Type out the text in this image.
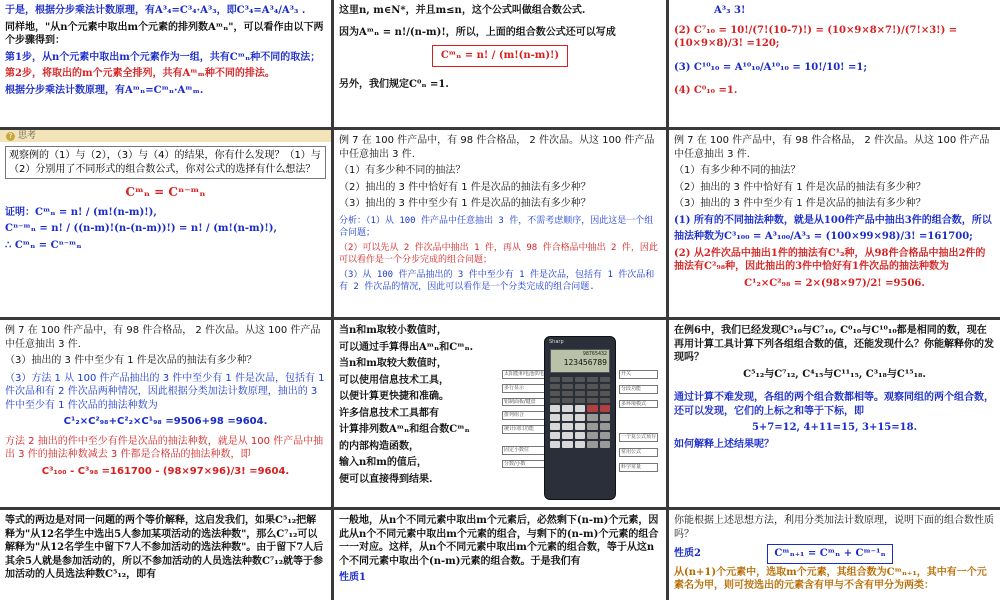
于是，根据分步乘法计数原理，有A³₄=C³₄·A³₃，即C³₄=A³₄/A³₃ .

同样地，"从n个元素中取出m个元素的排列数Aᵐₙ"，可以看作由以下两个步骤得到：

第1步，从n个元素中取出m个元素作为一组，共有Cᵐₙ种不同的取法；

第2步，将取出的m个元素全排列，共有Aᵐₘ种不同的排法。

根据分步乘法计数原理，有Aᵐₙ=Cᵐₙ·Aᵐₘ.

这里n, m∈N*，并且m≤n，这个公式叫做组合数公式.

因为Aᵐₙ = n!/(n-m)!，所以，上面的组合数公式还可以写成

Cᵐₙ = n! / (m!(n-m)!)

另外，我们规定C⁰ₙ =1.

A³₃ 3!

(2) C⁷₁₀ = 10!/(7!(10-7)!) = (10×9×8×7!)/(7!×3!) = (10×9×8)/3! =120;

(3) C¹⁰₁₀ = A¹⁰₁₀/A¹⁰₁₀ = 10!/10! =1;

(4) C⁰₁₀ =1.

? 思考
观察例的（1）与（2），（3）与（4）的结果，你有什么发现？（1）与（2）分别用了不同形式的组合数公式，你对公式的选择有什么想法？
Cᵐₙ = Cⁿ⁻ᵐₙ

证明：Cᵐₙ = n! / (m!(n-m)!),

Cⁿ⁻ᵐₙ = n! / ((n-m)!(n-(n-m))!) = n! / (m!(n-m)!),

∴ Cᵐₙ = Cⁿ⁻ᵐₙ

例 7 在 100 件产品中，有 98 件合格品， 2 件次品。从这 100 件产品中任意抽出 3 件.

（1）有多少种不同的抽法？

（2）抽出的 3 件中恰好有 1 件是次品的抽法有多少种？

（3）抽出的 3 件中至少有 1 件是次品的抽法有多少种？

分析：（1）从 100 件产品中任意抽出 3 件，不需考虑顺序，因此这是一个组合问题；

（2）可以先从 2 件次品中抽出 1 件，再从 98 件合格品中抽出 2 件，因此可以看作是一个分步完成的组合问题；

（3）从 100 件产品抽出的 3 件中至少有 1 件是次品，包括有 1 件次品和有 2 件次品的情况，因此可以看作是一个分类完成的组合问题.

例 7 在 100 件产品中，有 98 件合格品， 2 件次品。从这 100 件产品中任意抽出 3 件.

（1）有多少种不同的抽法？

（2）抽出的 3 件中恰好有 1 件是次品的抽法有多少种？

（3）抽出的 3 件中至少有 1 件是次品的抽法有多少种？

(1) 所有的不同抽法种数，就是从100件产品中抽出3件的组合数，所以

抽法种数为C³₁₀₀ = A³₁₀₀/A³₃ = (100×99×98)/3! =161700;

(2) 从2件次品中抽出1件的抽法有C¹₂种，从98件合格品中抽出2件的抽法有C²₉₈种，因此抽出的3件中恰好有1件次品的抽法种数为

C¹₂×C²₉₈ = 2×(98×97)/2! =9506.

例 7 在 100 件产品中，有 98 件合格品， 2 件次品。从这 100 件产品中任意抽出 3 件.

（3）抽出的 3 件中至少有 1 件是次品的抽法有多少种？

（3）方法 1 从 100 件产品抽出的 3 件中至少有 1 件是次品，包括有 1 件次品和有 2 件次品两种情况，因此根据分类加法计数原理，抽出的 3 件中至少有 1 件次品的抽法种数为

C¹₂×C²₉₈+C²₂×C¹₉₈ =9506+98 =9604.

方法 2 抽出的件中至少有件是次品的抽法种数，就是从 100 件产品中抽出 3 件的抽法种数减去 3 件都是合格品的抽法种数，即

C³₁₀₀ - C³₉₈ =161700 - (98×97×96)/3! =9604.

当n和m取较小数值时，

可以通过手算得出Aᵐₙ和Cᵐₙ.

当n和m取较大数值时，

可以使用信息技术工具，

以便计算更快捷和准确。

许多信息技术工具都有

计算排列数Aᵐₙ和组合数Cᵐₙ

的内部构造函数，

输入n和m的值后，

便可以直接得到结果.

太阳能和电池供电
多行显示
铝制面板/键盘
排列组合
统计回归功能
固定小数位
分数/小数
开关
分段功能
多环境模式
一个复公式预存
常用公式
科学常量
Sharp
98765432
123456789

在例6中，我们已经发现C³₁₀与C⁷₁₀, C⁰₁₀与C¹⁰₁₀都是相同的数，现在再用计算工具计算下列各组组合数的值，还能发现什么？你能解释你的发现吗？

C⁵₁₂与C⁷₁₂, C⁴₁₅与C¹¹₁₅, C³₁₈与C¹⁵₁₈.

通过计算不难发现，各组的两个组合数都相等。观察同组的两个组合数，还可以发现，它们的上标之和等于下标，即

5+7=12, 4+11=15, 3+15=18.

如何解释上述结果呢？

等式的两边是对同一问题的两个等价解释，这启发我们，如果C⁵₁₂把解释为"从12名学生中选出5人参加某项活动的选法种数"，那么C⁷₁₂可以解释为"从12名学生中留下7人不参加活动的选法种数"。由于留下7人后其余5人就是参加活动的，所以不参加活动的人员选法种数C⁷₁₂就等于参加活动的人员选法种数C⁵₁₂，即有

一般地，从n个不同元素中取出m个元素后，必然剩下(n-m)个元素，因此从n个不同元素中取出m个元素的组合，与剩下的(n-m)个元素的组合一一对应。这样，从n个不同元素中取出m个元素的组合数，等于从这n个不同元素中取出个(n-m)元素的组合数。于是我们有

性质1

你能根据上述思想方法，利用分类加法计数原理，说明下面的组合数性质吗？

性质2	Cᵐₙ₊₁ = Cᵐₙ + Cᵐ⁻¹ₙ

从(n+1)个元素中，选取m个元素，其组合数为Cᵐₙ₊₁，其中有一个元素名为甲，则可按选出的元素含有甲与不含有甲分为两类：
